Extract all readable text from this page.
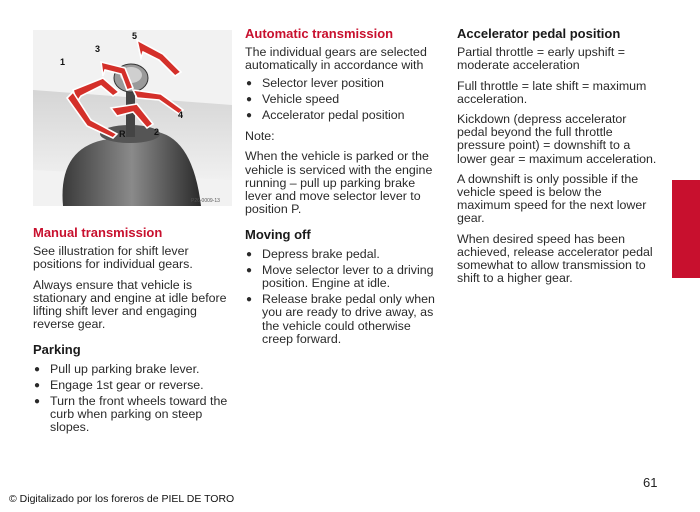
1
3
5
R	2
4
P26-0009-13
Manual transmission

See illustration for shift lever positions for individual gears.

Always ensure that vehicle is stationary and engine at idle before lifting shift lever and engaging reverse gear.

Parking
● Pull up parking brake lever.
● Engage 1st gear or reverse.
● Turn the front wheels toward the curb when parking on steep slopes.
Automatic transmission

The individual gears are selected automatically in accordance with

● Selector lever position
● Vehicle speed
● Accelerator pedal position

Note:

When the vehicle is parked or the vehicle is serviced with the engine running – pull up parking brake lever and move selector lever to position P.

Moving off
● Depress brake pedal.
● Move selector lever to a driving position. Engine at idle.
● Release brake pedal only when you are ready to drive away, as the vehicle could otherwise creep forward.
Accelerator pedal position

Partial throttle = early upshift = moderate acceleration

Full throttle = late shift = maximum acceleration.

Kickdown (depress accelerator pedal beyond the full throttle pressure point) = downshift to a lower gear = maximum acceleration.

A downshift is only possible if the vehicle speed is below the maximum speed for the next lower gear.

When desired speed has been achieved, release accelerator pedal somewhat to allow transmission to shift to a higher gear.

61
© Digitalizado por los foreros de PIEL DE TORO
